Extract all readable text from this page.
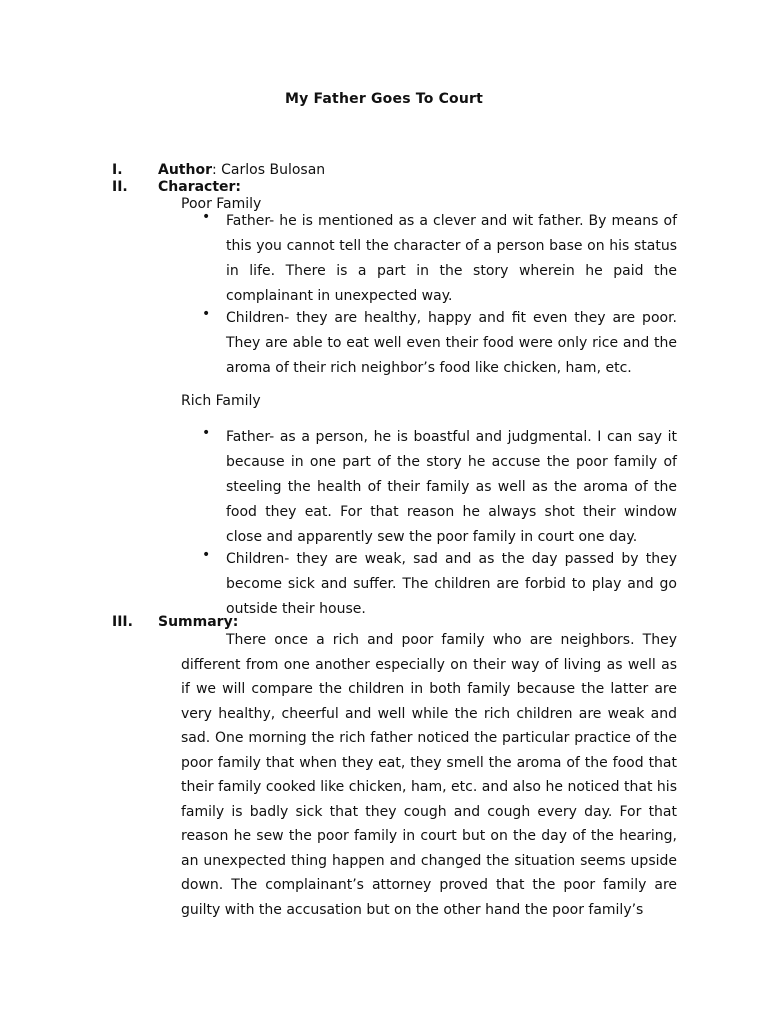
My Father Goes To Court
I.	Author: Carlos Bulosan
II.	Character:
Poor Family
• Father- he is mentioned as a clever and wit father. By means of this you cannot tell the character of a person base on his status in life. There is a part in the story wherein he paid the complainant in unexpected way.
• Children- they are healthy, happy and fit even they are poor. They are able to eat well even their food were only rice and the aroma of their rich neighbor’s food like chicken, ham, etc.
Rich Family
• Father- as a person, he is boastful and judgmental. I can say it because in one part of the story he accuse the poor family of steeling the health of their family as well as the aroma of the food they eat. For that reason he always shot their window close and apparently sew the poor family in court one day.
• Children- they are weak, sad and as the day passed by they become sick and suffer. The children are forbid to play and go outside their house.
III.	Summary:

There once a rich and poor family who are neighbors. They different from one another especially on their way of living as well as if we will compare the children in both family because the latter are very healthy, cheerful and well while the rich children are weak and sad. One morning the rich father noticed the particular practice of the poor family that when they eat, they smell the aroma of the food that their family cooked like chicken, ham, etc. and also he noticed that his family is badly sick that they cough and cough every day. For that reason he sew the poor family in court but on the day of the hearing, an unexpected thing happen and changed the situation seems upside down. The complainant’s attorney proved that the poor family are guilty with the accusation but on the other hand the poor family’s
